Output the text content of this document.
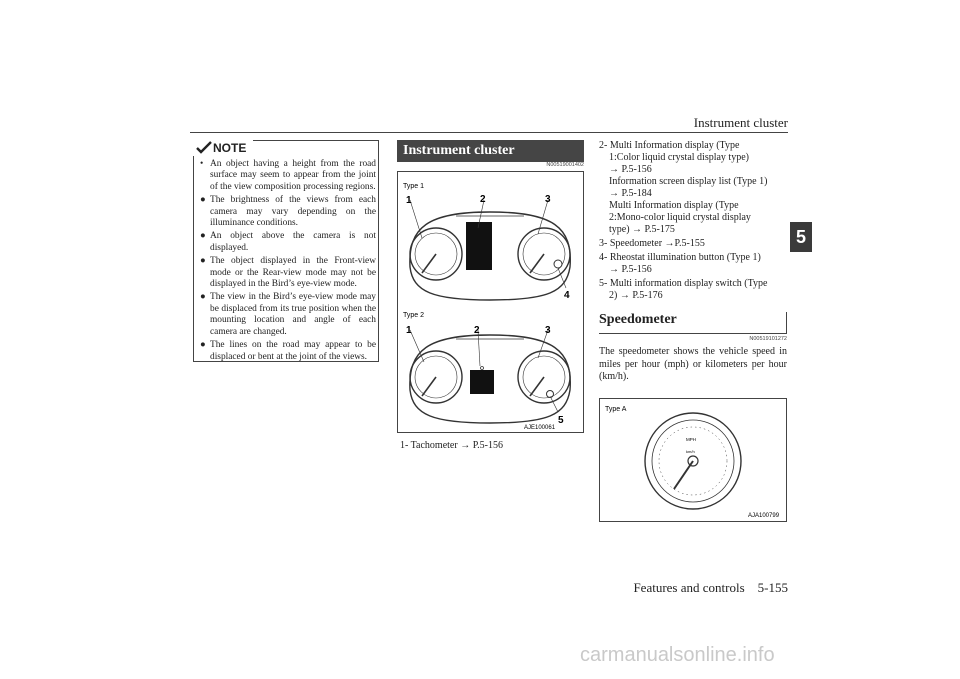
Instrument cluster
5
NOTE
• An object having a height from the road surface may seem to appear from the joint of the view composition processing regions.
● The brightness of the views from each camera may vary depending on the illuminance conditions.
● An object above the camera is not displayed.
● The object displayed in the Front-view mode or the Rear-view mode may not be displayed in the Bird’s eye-view mode.
● The view in the Bird’s eye-view mode may be displaced from its true position when the mounting location and angle of each camera are changed.
● The lines on the road may appear to be displaced or bent at the joint of the views.
Instrument cluster
N00519001402
Type 1
1	2	3
4
Type 2
1	2	3
5
AJE100061
1- Tachometer → P.5-156
2- Multi Information display (Type
1:Color liquid crystal display type)
→ P.5-156
Information screen display list (Type 1)
→ P.5-184
Multi Information display (Type
2:Mono-color liquid crystal display
type) → P.5-175
3- Speedometer →P.5-155
4- Rheostat illumination button (Type 1)
→ P.5-156
5- Multi information display switch (Type
2) → P.5-176
Speedometer
N00519101272
The speedometer shows the vehicle speed in miles per hour (mph) or kilometers per hour (km/h).
Type A
MPH
km/h
AJA100799
Features and controls 5-155
carmanualsonline.info
